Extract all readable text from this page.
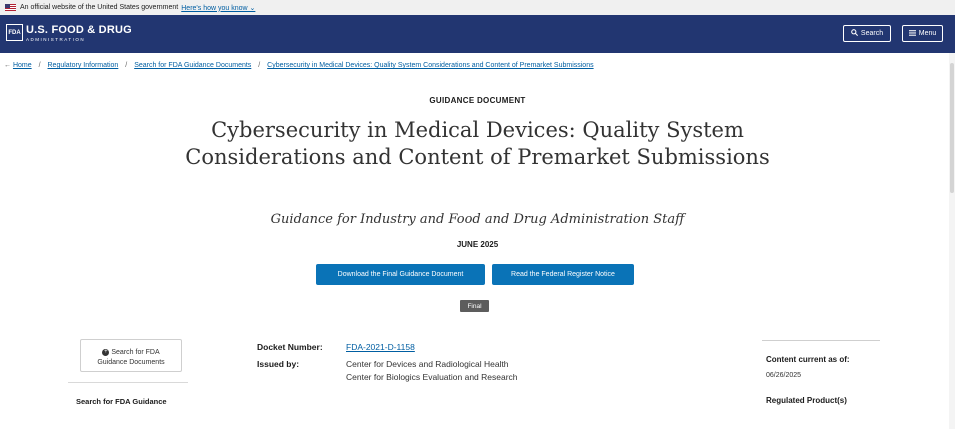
An official website of the United States government Here's how you know ⌄
FDA U.S. FOOD & DRUG
ADMINISTRATION
Search	Menu
← Home / Regulatory Information / Search for FDA Guidance Documents / Cybersecurity in Medical Devices: Quality System Considerations and Content of Premarket Submissions
GUIDANCE DOCUMENT
Cybersecurity in Medical Devices: Quality System Considerations and Content of Premarket Submissions
Guidance for Industry and Food and Drug Administration Staff
JUNE 2025
Download the Final Guidance Document	Read the Federal Register Notice
Final
+ Search for FDA Guidance Documents
Search for FDA Guidance
Docket Number:	FDA-2021-D-1158
Issued by:	Center for Devices and Radiological Health
Center for Biologics Evaluation and Research
Content current as of:
06/26/2025
Regulated Product(s)
